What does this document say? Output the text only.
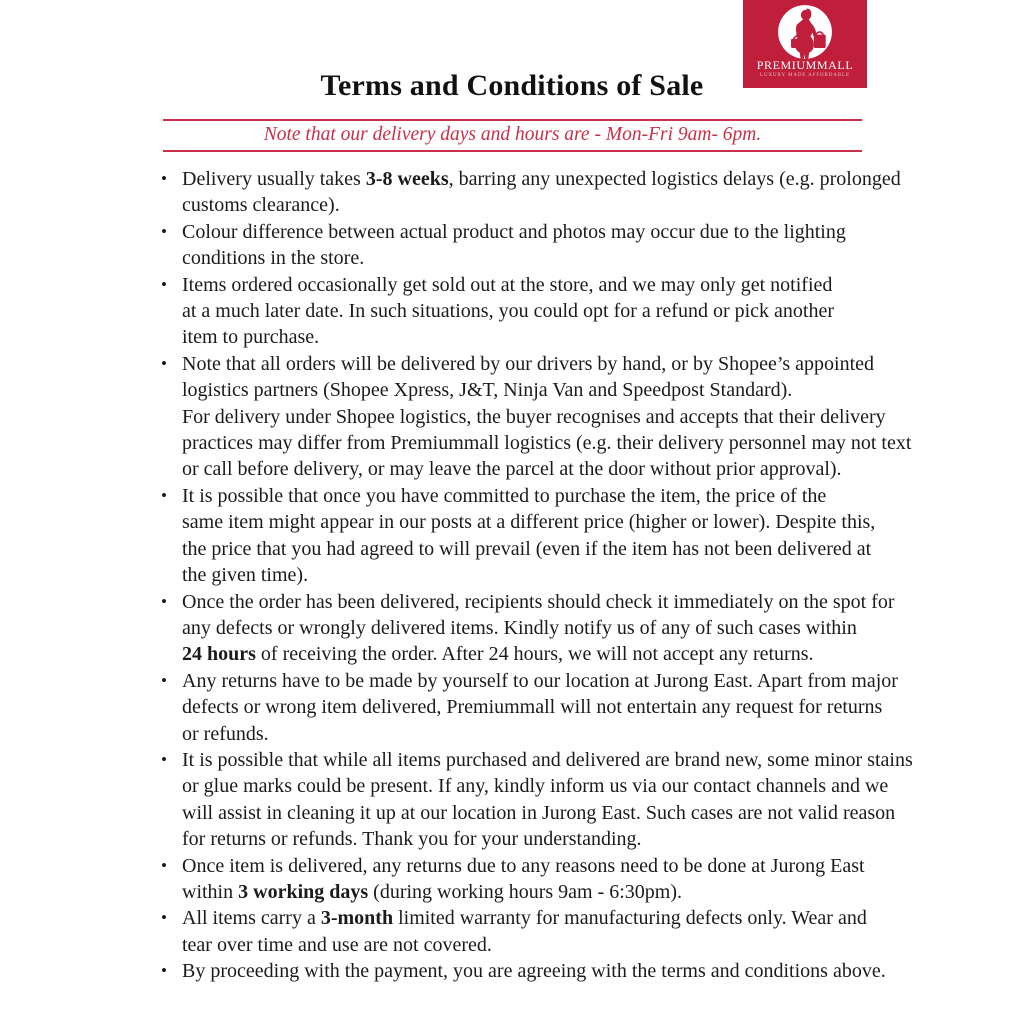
PREMIUMMALL
LUXURY MADE AFFORDABLE
Terms and Conditions of Sale

Note that our delivery days and hours are - Mon-Fri 9am- 6pm.

• Delivery usually takes 3-8 weeks, barring any unexpected logistics delays (e.g. prolonged
customs clearance).
• Colour difference between actual product and photos may occur due to the lighting
conditions in the store.
• Items ordered occasionally get sold out at the store, and we may only get notified
at a much later date. In such situations, you could opt for a refund or pick another
item to purchase.
• Note that all orders will be delivered by our drivers by hand, or by Shopee’s appointed
logistics partners (Shopee Xpress, J&T, Ninja Van and Speedpost Standard).
For delivery under Shopee logistics, the buyer recognises and accepts that their delivery
practices may differ from Premiummall logistics (e.g. their delivery personnel may not text
or call before delivery, or may leave the parcel at the door without prior approval).
• It is possible that once you have committed to purchase the item, the price of the
same item might appear in our posts at a different price (higher or lower). Despite this,
the price that you had agreed to will prevail (even if the item has not been delivered at
the given time).
• Once the order has been delivered, recipients should check it immediately on the spot for
any defects or wrongly delivered items. Kindly notify us of any of such cases within
24 hours of receiving the order. After 24 hours, we will not accept any returns.
• Any returns have to be made by yourself to our location at Jurong East. Apart from major
defects or wrong item delivered, Premiummall will not entertain any request for returns
or refunds.
• It is possible that while all items purchased and delivered are brand new, some minor stains
or glue marks could be present. If any, kindly inform us via our contact channels and we
will assist in cleaning it up at our location in Jurong East. Such cases are not valid reason
for returns or refunds. Thank you for your understanding.
• Once item is delivered, any returns due to any reasons need to be done at Jurong East
within 3 working days (during working hours 9am - 6:30pm).
• All items carry a 3-month limited warranty for manufacturing defects only. Wear and
tear over time and use are not covered.
• By proceeding with the payment, you are agreeing with the terms and conditions above.
